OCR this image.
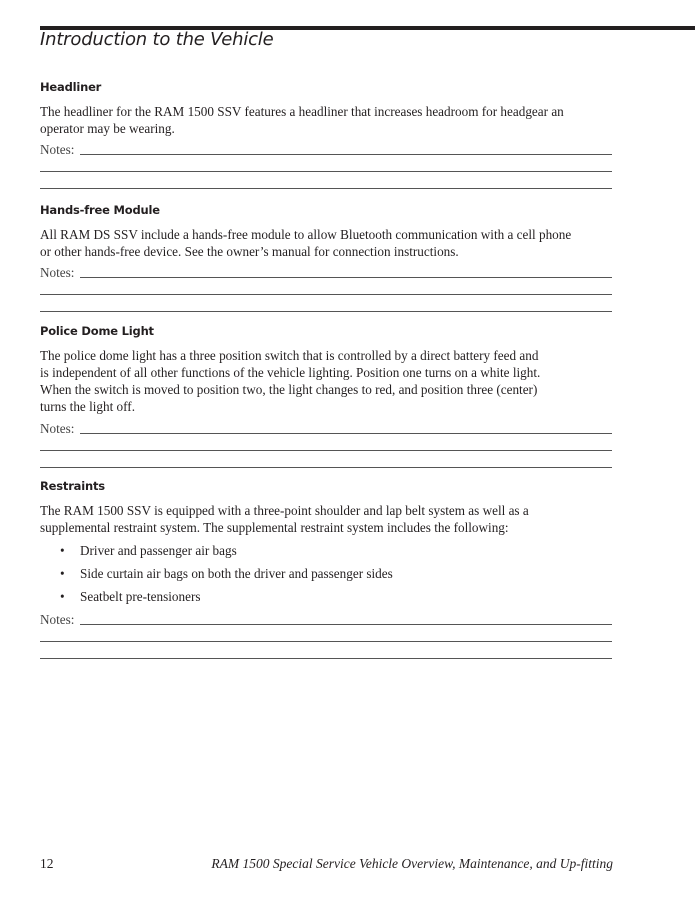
Introduction to the Vehicle
Headliner

The headliner for the RAM 1500 SSV features a headliner that increases headroom for headgear an

operator may be wearing.

Notes:
Hands-free Module

All RAM DS SSV include a hands-free module to allow Bluetooth communication with a cell phone

or other hands-free device. See the owner’s manual for connection instructions.

Notes:
Police Dome Light

The police dome light has a three position switch that is controlled by a direct battery feed and

is independent of all other functions of the vehicle lighting. Position one turns on a white light.

When the switch is moved to position two, the light changes to red, and position three (center)

turns the light off.

Notes:
Restraints

The RAM 1500 SSV is equipped with a three-point shoulder and lap belt system as well as a

supplemental restraint system. The supplemental restraint system includes the following:

• Driver and passenger air bags
• Side curtain air bags on both the driver and passenger sides
• Seatbelt pre-tensioners
Notes:
12	RAM 1500 Special Service Vehicle Overview, Maintenance, and Up-fitting
